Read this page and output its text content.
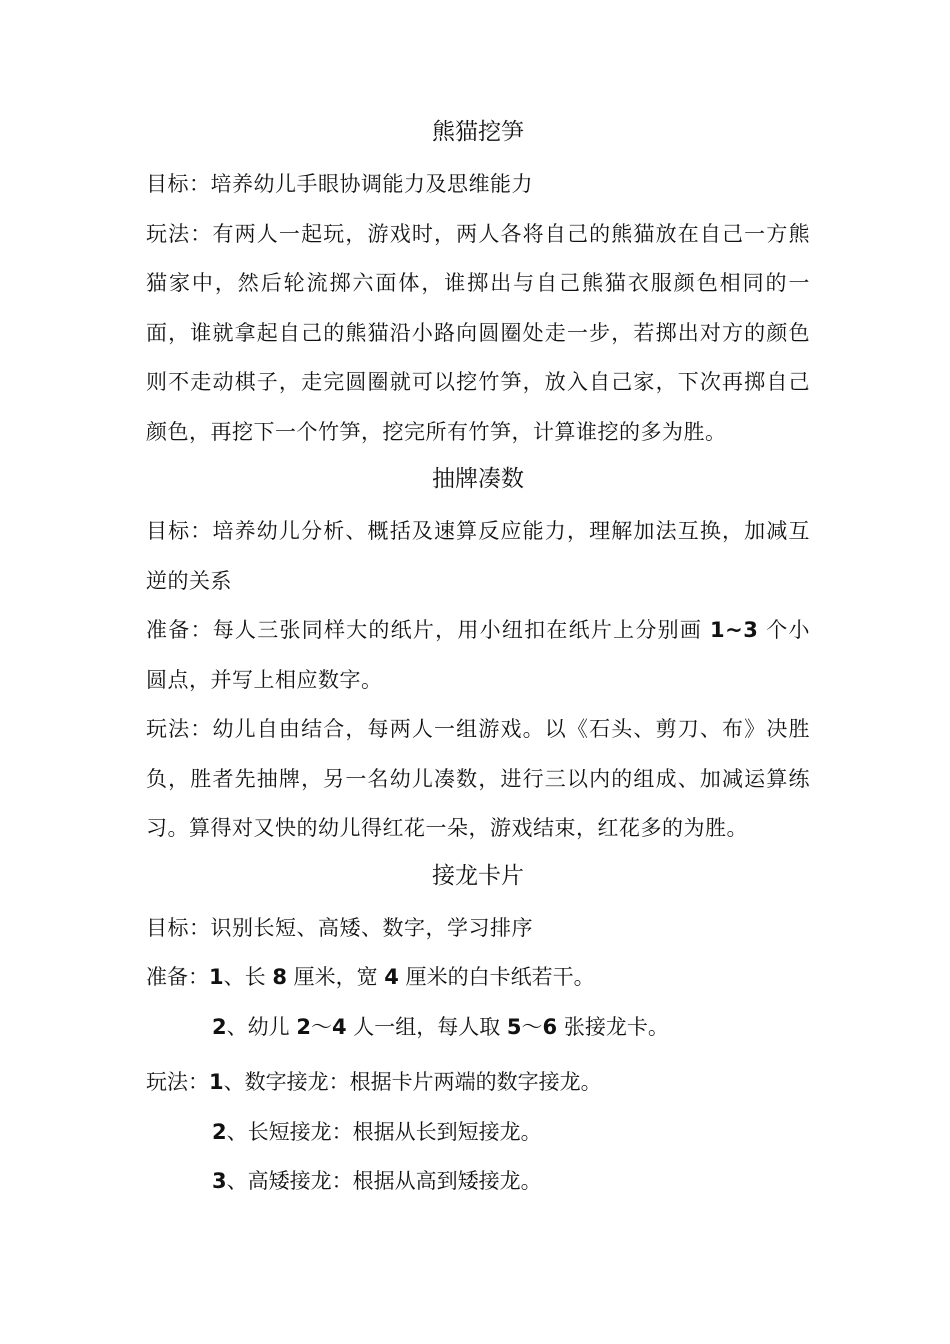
熊猫挖笋

目标：培养幼儿手眼协调能力及思维能力

玩法：有两人一起玩，游戏时，两人各将自己的熊猫放在自己一方熊猫家中，然后轮流掷六面体，谁掷出与自己熊猫衣服颜色相同的一面，谁就拿起自己的熊猫沿小路向圆圈处走一步，若掷出对方的颜色则不走动棋子，走完圆圈就可以挖竹笋，放入自己家，下次再掷自己颜色，再挖下一个竹笋，挖完所有竹笋，计算谁挖的多为胜。

抽牌凑数

目标：培养幼儿分析、概括及速算反应能力，理解加法互换，加减互逆的关系

准备：每人三张同样大的纸片，用小纽扣在纸片上分别画 1~3 个小圆点，并写上相应数字。

玩法：幼儿自由结合，每两人一组游戏。以《石头、剪刀、布》决胜负，胜者先抽牌，另一名幼儿凑数，进行三以内的组成、加减运算练习。算得对又快的幼儿得红花一朵，游戏结束，红花多的为胜。

接龙卡片

目标：识别长短、高矮、数字，学习排序

准备：1、长 8 厘米，宽 4 厘米的白卡纸若干。

2、幼儿 2～4 人一组，每人取 5～6 张接龙卡。

玩法：1、数字接龙：根据卡片两端的数字接龙。

2、长短接龙：根据从长到短接龙。

3、高矮接龙：根据从高到矮接龙。
